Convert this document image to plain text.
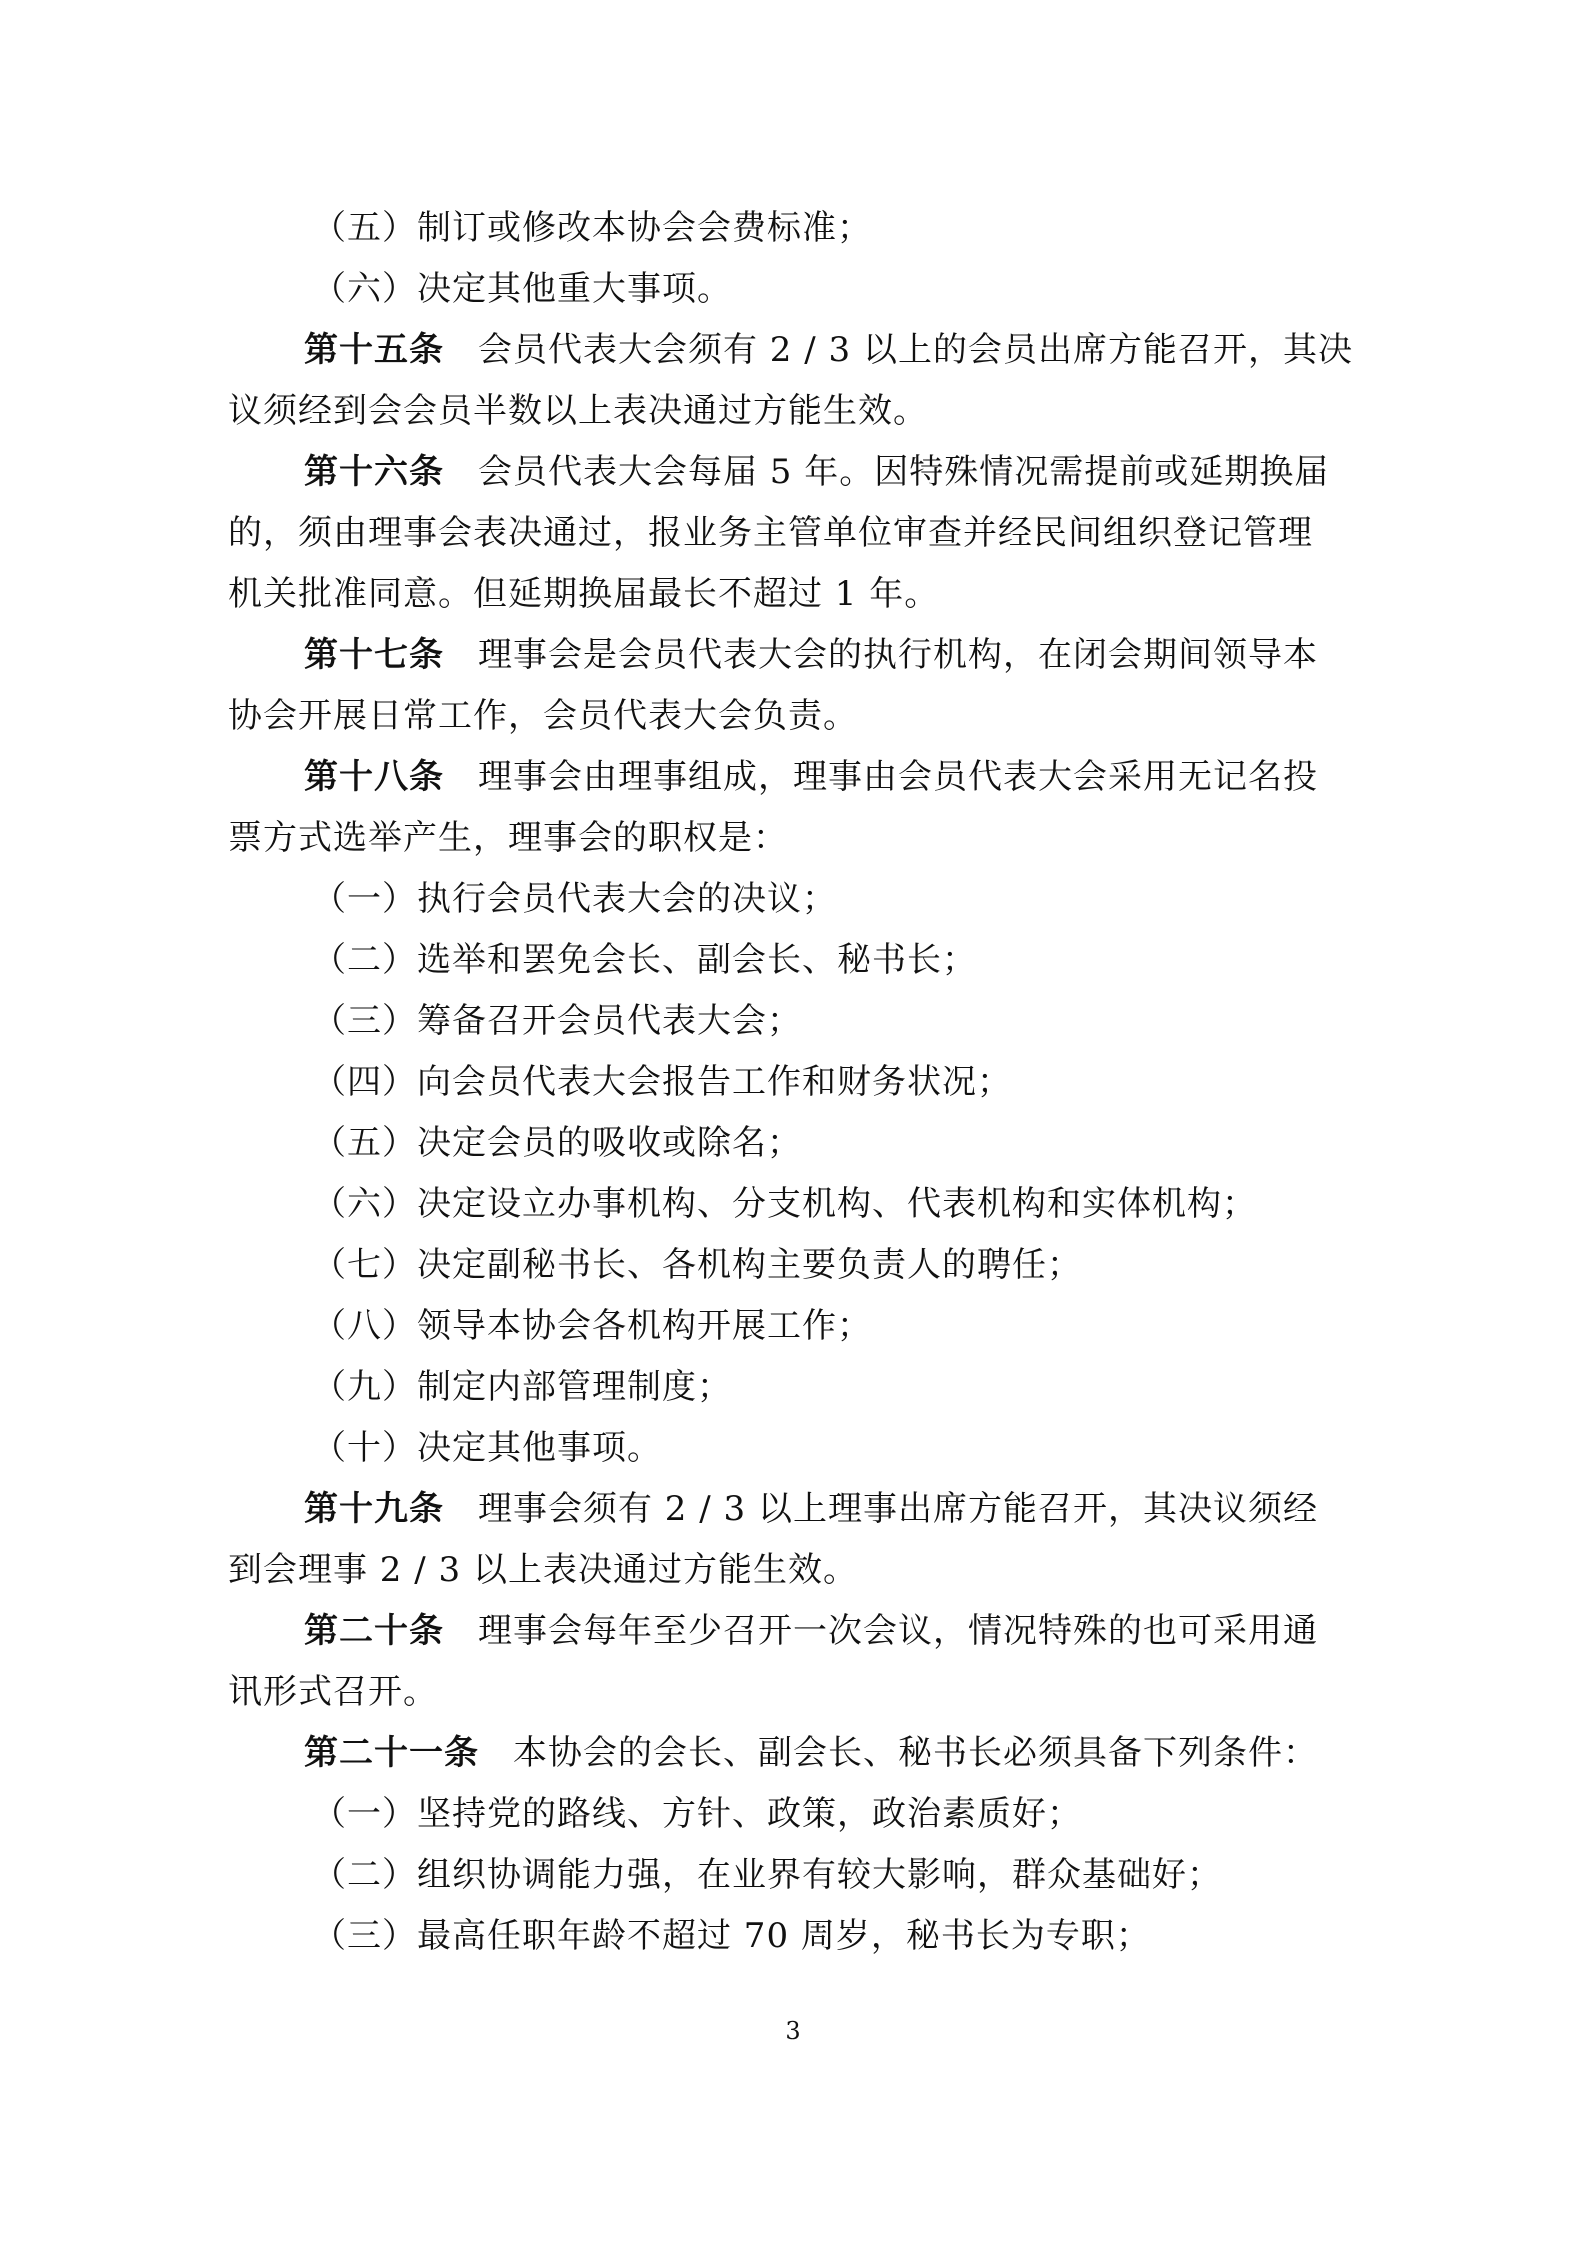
（五）制订或修改本协会会费标准；
（六）决定其他重大事项。
第十五条 会员代表大会须有 2 / 3 以上的会员出席方能召开，其决
议须经到会会员半数以上表决通过方能生效。
第十六条 会员代表大会每届 5 年。因特殊情况需提前或延期换届
的，须由理事会表决通过，报业务主管单位审查并经民间组织登记管理
机关批准同意。但延期换届最长不超过 1 年。
第十七条 理事会是会员代表大会的执行机构，在闭会期间领导本
协会开展日常工作，会员代表大会负责。
第十八条 理事会由理事组成，理事由会员代表大会采用无记名投
票方式选举产生，理事会的职权是：
（一）执行会员代表大会的决议；
（二）选举和罢免会长、副会长、秘书长；
（三）筹备召开会员代表大会；
（四）向会员代表大会报告工作和财务状况；
（五）决定会员的吸收或除名；
（六）决定设立办事机构、分支机构、代表机构和实体机构；
（七）决定副秘书长、各机构主要负责人的聘任；
（八）领导本协会各机构开展工作；
（九）制定内部管理制度；
（十）决定其他事项。
第十九条 理事会须有 2 / 3 以上理事出席方能召开，其决议须经
到会理事 2 / 3 以上表决通过方能生效。
第二十条 理事会每年至少召开一次会议，情况特殊的也可采用通
讯形式召开。
第二十一条 本协会的会长、副会长、秘书长必须具备下列条件：
（一）坚持党的路线、方针、政策，政治素质好；
（二）组织协调能力强，在业界有较大影响，群众基础好；
（三）最高任职年龄不超过 70 周岁，秘书长为专职；
3
